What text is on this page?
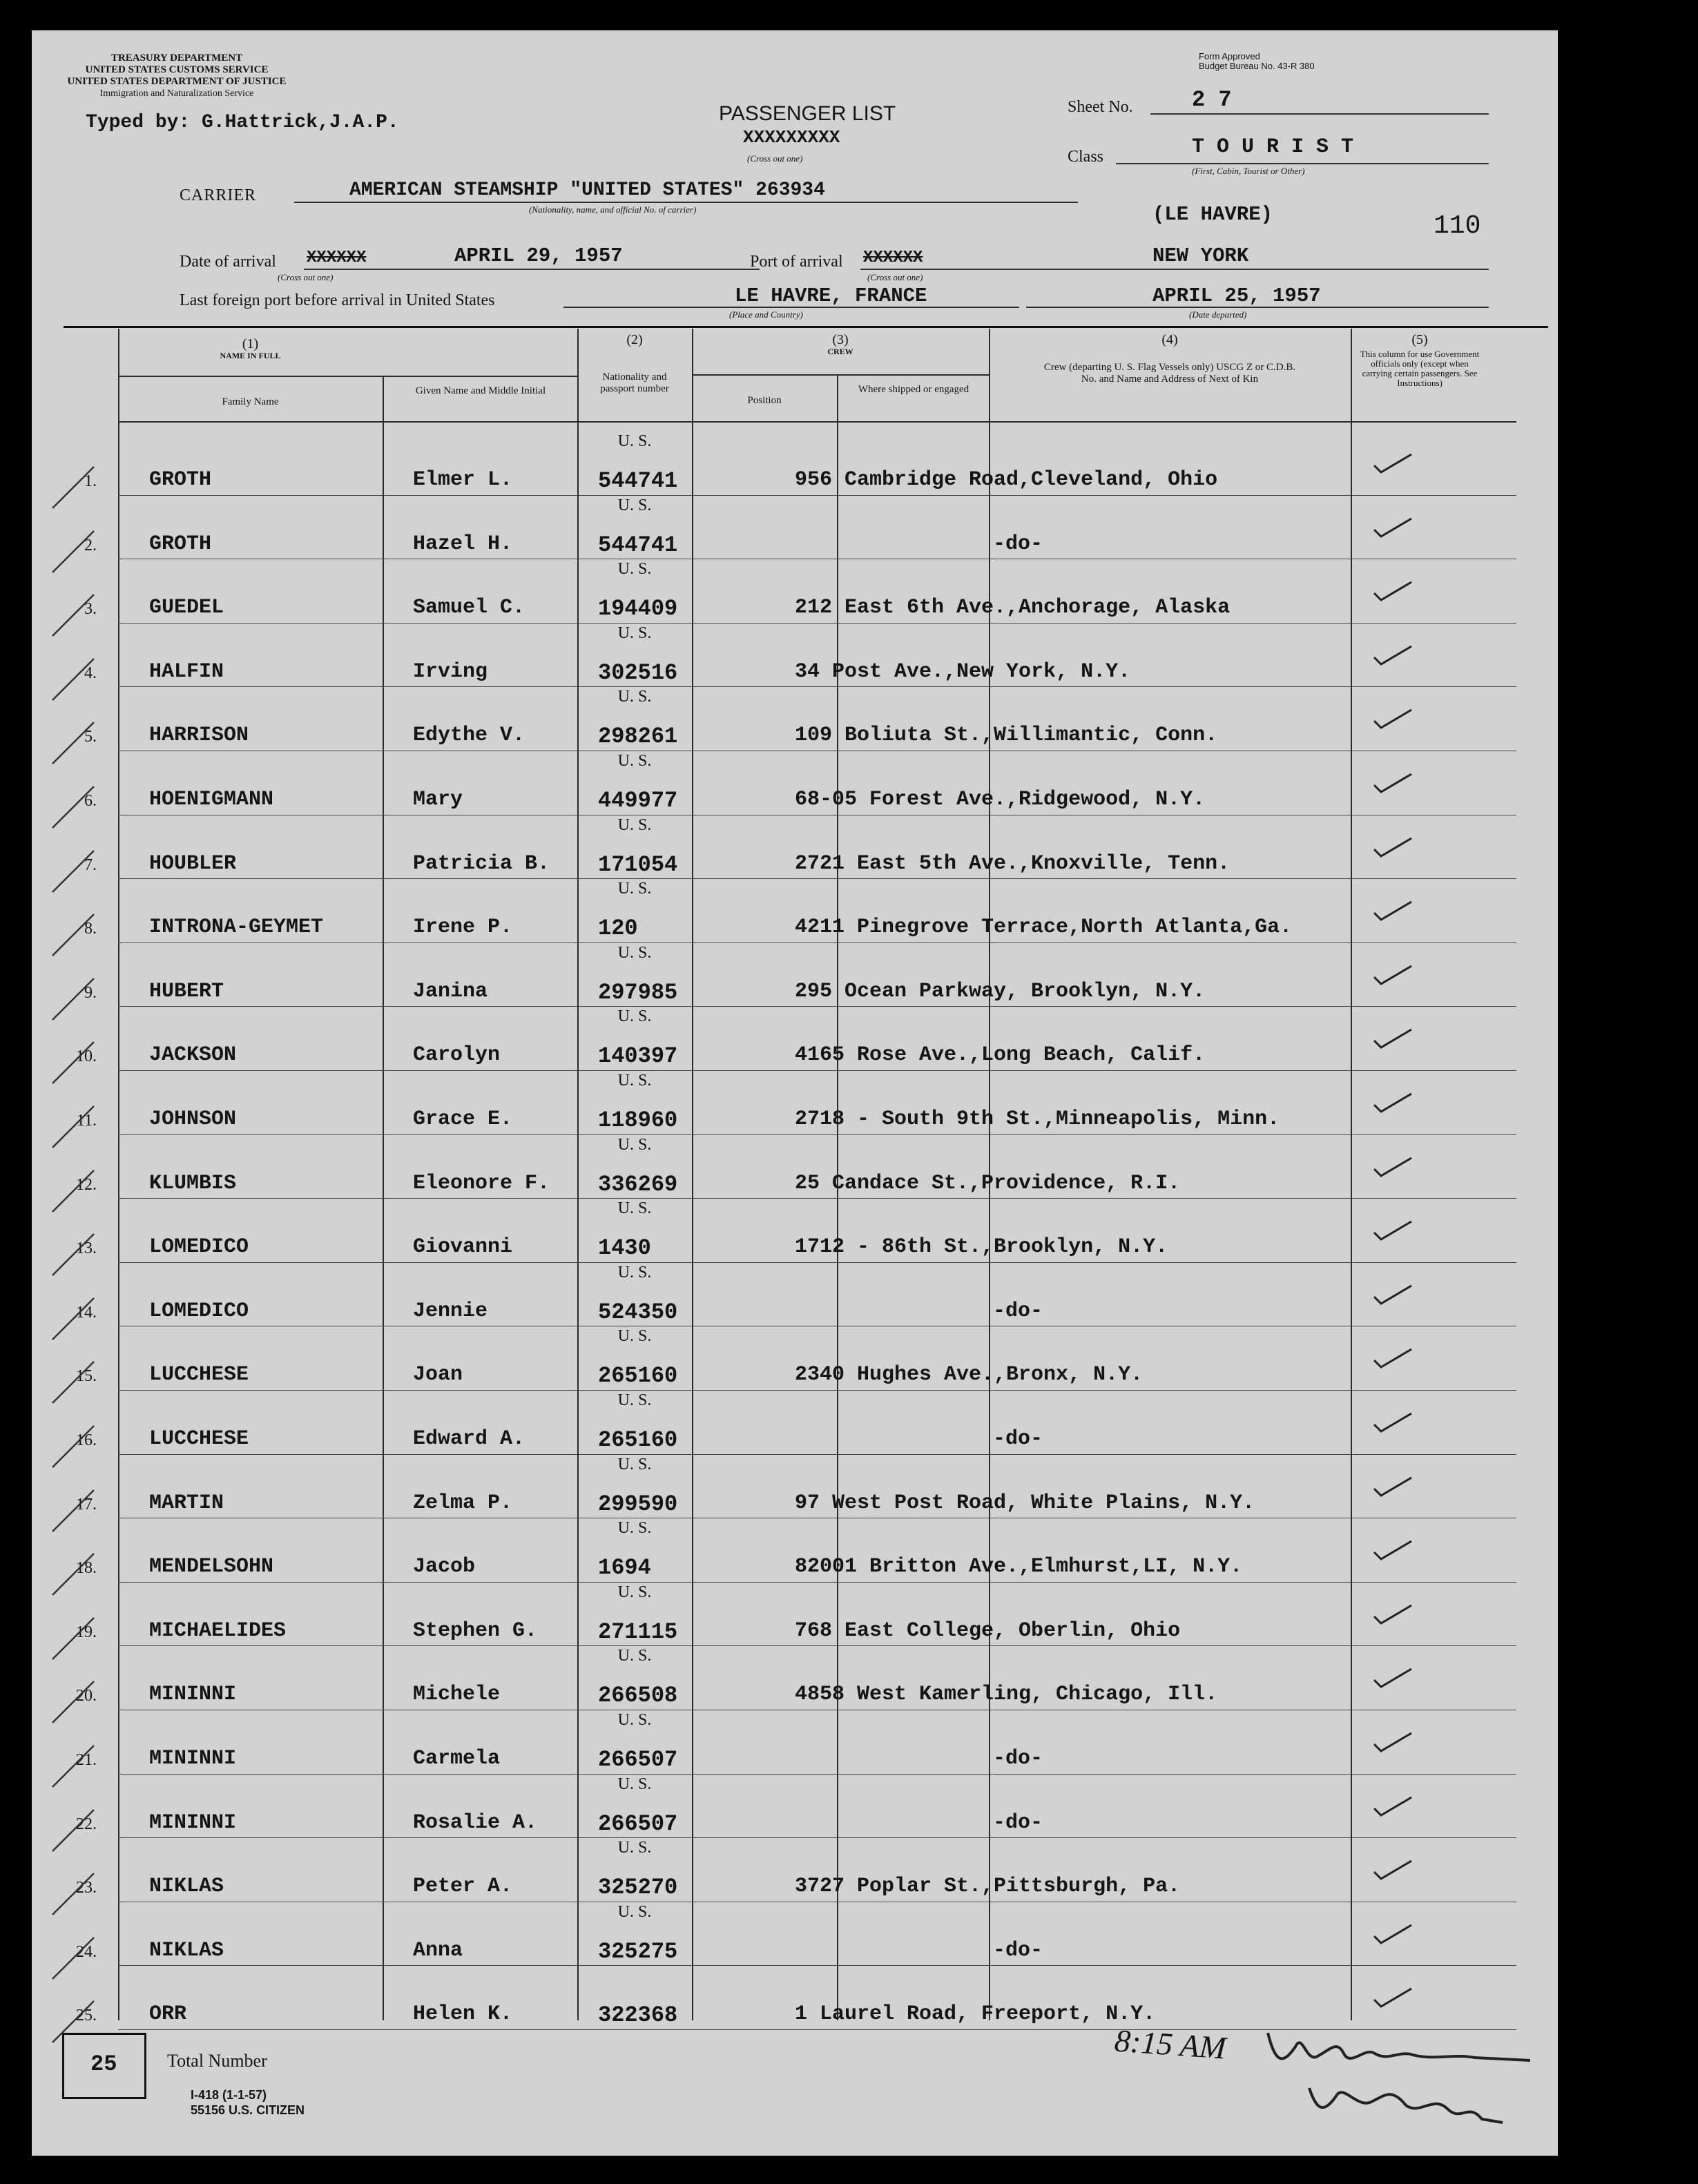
TREASURY DEPARTMENT
UNITED STATES CUSTOMS SERVICE
UNITED STATES DEPARTMENT OF JUSTICE
Immigration and Naturalization Service
Typed by: G.Hattrick,J.A.P.	PASSENGER LIST
XXXXXXXXX
(Cross out one)
Form Approved
Budget Bureau No. 43-R 380
Sheet No.	2 7
Class	T O U R I S T
(First, Cabin, Tourist or Other)
CARRIER	AMERICAN STEAMSHIP "UNITED STATES" 263934
(Nationality, name, and official No. of carrier)	(LE HAVRE)	110
Date of arrival XXXXXX
(Cross out one)
APRIL 29, 1957	Port of arrival XXXXXX
(Cross out one)
NEW YORK
Last foreign port before arrival in United States	LE HAVRE, FRANCE
(Place and Country)
APRIL 25, 1957
(Date departed)
(1)
NAME IN FULL
Family Name
Given Name and Middle Initial
(2)
Nationality and passport number
(3)
CREW
Position
Where shipped or engaged
(4)
Crew (departing U. S. Flag Vessels only) USCG Z or C.D.B. No. and Name and Address of Next of Kin
(5)
This column for use Government officials only (except when carrying certain passengers. See Instructions)
U. S.
1.	GROTH	Elmer L.	544741	956 Cambridge Road,Cleveland, Ohio
U. S.
2.	GROTH	Hazel H.	544741	-do-
U. S.
3.	GUEDEL	Samuel C.	194409	212 East 6th Ave.,Anchorage, Alaska
U. S.
4.	HALFIN	Irving	302516	34 Post Ave.,New York, N.Y.
U. S.
5.	HARRISON	Edythe V.	298261	109 Boliuta St.,Willimantic, Conn.
U. S.
6.	HOENIGMANN	Mary	449977	68-05 Forest Ave.,Ridgewood, N.Y.
U. S.
7.	HOUBLER	Patricia B. 171054	2721 East 5th Ave.,Knoxville, Tenn.
U. S.
8.	INTRONA-GEYMET	Irene P.	120	4211 Pinegrove Terrace,North Atlanta,Ga.
U. S.
9.	HUBERT	Janina	297985	295 Ocean Parkway, Brooklyn, N.Y.
U. S.
10.	JACKSON	Carolyn	140397	4165 Rose Ave.,Long Beach, Calif.
U. S.
11.	JOHNSON	Grace E.	118960	2718 - South 9th St.,Minneapolis, Minn.
U. S.
12.	KLUMBIS	Eleonore F. 336269	25 Candace St.,Providence, R.I.
U. S.
13.	LOMEDICO	Giovanni	1430	1712 - 86th St.,Brooklyn, N.Y.
U. S.
14.	LOMEDICO	Jennie	524350	-do-
U. S.
15.	LUCCHESE	Joan	265160	2340 Hughes Ave.,Bronx, N.Y.
U. S.
16.	LUCCHESE	Edward A.	265160	-do-
U. S.
17.	MARTIN	Zelma P.	299590	97 West Post Road, White Plains, N.Y.
U. S.
18.	MENDELSOHN	Jacob	1694	82001 Britton Ave.,Elmhurst,LI, N.Y.
U. S.
19.	MICHAELIDES	Stephen G.	271115	768 East College, Oberlin, Ohio
U. S.
20.	MININNI	Michele	266508	4858 West Kamerling, Chicago, Ill.
U. S.
21.	MININNI	Carmela	266507	-do-
U. S.
22.	MININNI	Rosalie A.	266507	-do-
U. S.
23.	NIKLAS	Peter A.	325270	3727 Poplar St.,Pittsburgh, Pa.
U. S.
24.	NIKLAS	Anna	325275	-do-
25.	ORR	Helen K.	322368	1 Laurel Road, Freeport, N.Y.
25	Total Number
I-418 (1-1-57)
55156 U.S. CITIZEN
8:15 AM
